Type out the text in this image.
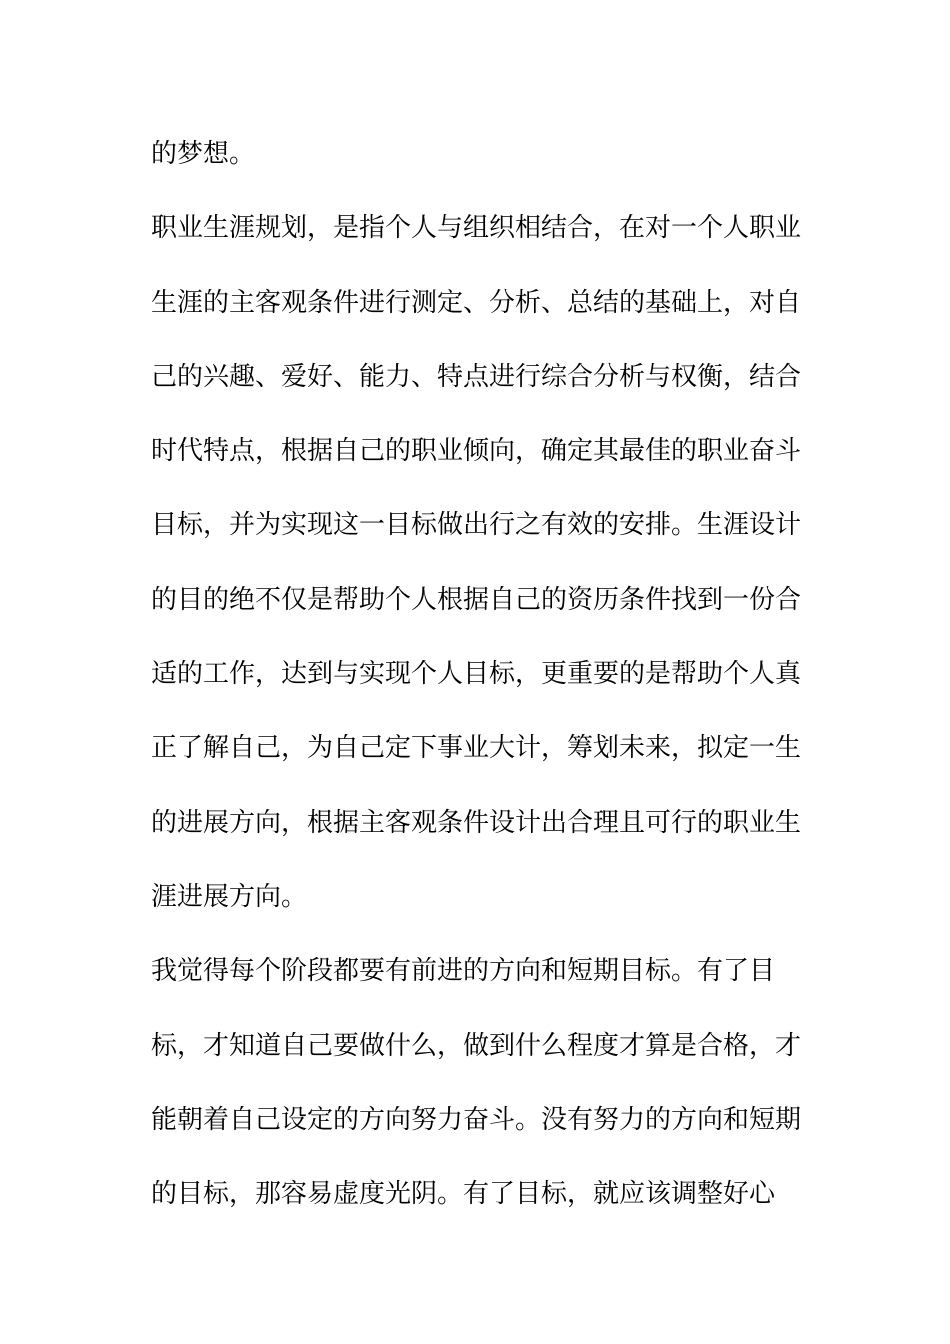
的梦想。
职业生涯规划，是指个人与组织相结合，在对一个人职业
生涯的主客观条件进行测定、分析、总结的基础上，对自
己的兴趣、爱好、能力、特点进行综合分析与权衡，结合
时代特点，根据自己的职业倾向，确定其最佳的职业奋斗
目标，并为实现这一目标做出行之有效的安排。生涯设计
的目的绝不仅是帮助个人根据自己的资历条件找到一份合
适的工作，达到与实现个人目标，更重要的是帮助个人真
正了解自己，为自己定下事业大计，筹划未来，拟定一生
的进展方向，根据主客观条件设计出合理且可行的职业生
涯进展方向。
我觉得每个阶段都要有前进的方向和短期目标。有了目
标，才知道自己要做什么，做到什么程度才算是合格，才
能朝着自己设定的方向努力奋斗。没有努力的方向和短期
的目标，那容易虚度光阴。有了目标，就应该调整好心
